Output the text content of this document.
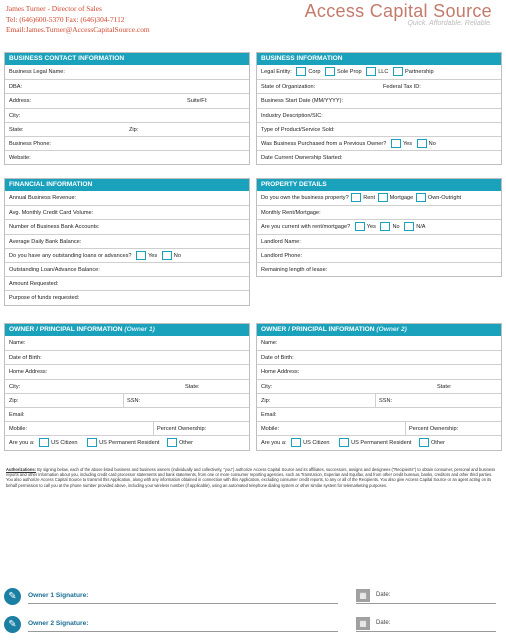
James Turner - Director of Sales
Tel: (646)600-5370 Fax: (646)304-7112
Email:James.Turner@AccessCapitalSource.com
Access Capital Source
Quick. Affordable. Reliable.
BUSINESS CONTACT INFORMATION
Business Legal Name:
DBA:
Address:	Suite/Fl:
City:
State:	Zip:
Business Phone:
Website:
BUSINESS INFORMATION
Legal Entity:	Corp	Sole Prop	LLC	Partnership
State of Organization:	Federal Tax ID:
Business Start Date (MM/YYYY):
Industry Description/SIC:
Type of Product/Service Sold:
Was Business Purchased from a Previous Owner?	Yes	No
Date Current Ownership Started:
FINANCIAL INFORMATION
Annual Business Revenue:
Avg. Monthly Credit Card Volume:
Number of Business Bank Accounts:
Average Daily Bank Balance:
Do you have any outstanding loans or advances?	Yes	No
Outstanding Loan/Advance Balance:
Amount Requested:
Purpose of funds requested:
PROPERTY DETAILS
Do you own the business property?	Rent	Mortgage	Own-Outright
Monthly Rent/Mortgage:
Are you current with rent/mortgage?	Yes	No	N/A
Landlord Name:
Landlord Phone:
Remaining length of lease:
OWNER / PRINCIPAL INFORMATION (Owner 1)
Name:
Date of Birth:
Home Address:
City:	State:
Zip:	SSN:
Email:
Mobile:	Percent Ownership:
Are you a:	US Citizen	US Permanent Resident	Other
OWNER / PRINCIPAL INFORMATION (Owner 2)
Name:
Date of Birth:
Home Address:
City:	State:
Zip:	SSN:
Email:
Mobile:	Percent Ownership:
Are you a:	US Citizen	US Permanent Resident	Other
Authorizations: By signing below, each of the above listed business and business owners (individually and collectively, "you") authorize Access Capital Source and its affiliates, successors, assigns and designees ("Recipients") to obtain consumer, personal and business reports and other information about you, including credit card processor statements and bank statements, from one or more consumer reporting agencies, such as TransUnion, Experian and Equifax, and from other credit bureaus, banks, creditors and other third parties. You also authorize Access Capital Source to transmit this Application, along with any information obtained in connection with this Application, excluding consumer credit reports, to any or all of the Recipients. You also give Access Capital Source or an agent acting on its behalf permission to call you at the phone number provided above, including your wireless number (if applicable), using an automated telephone dialing system or other similar system for telemarketing purposes.
✎	Owner 1 Signature:	▦	Date:
✎	Owner 2 Signature:	▦	Date:
